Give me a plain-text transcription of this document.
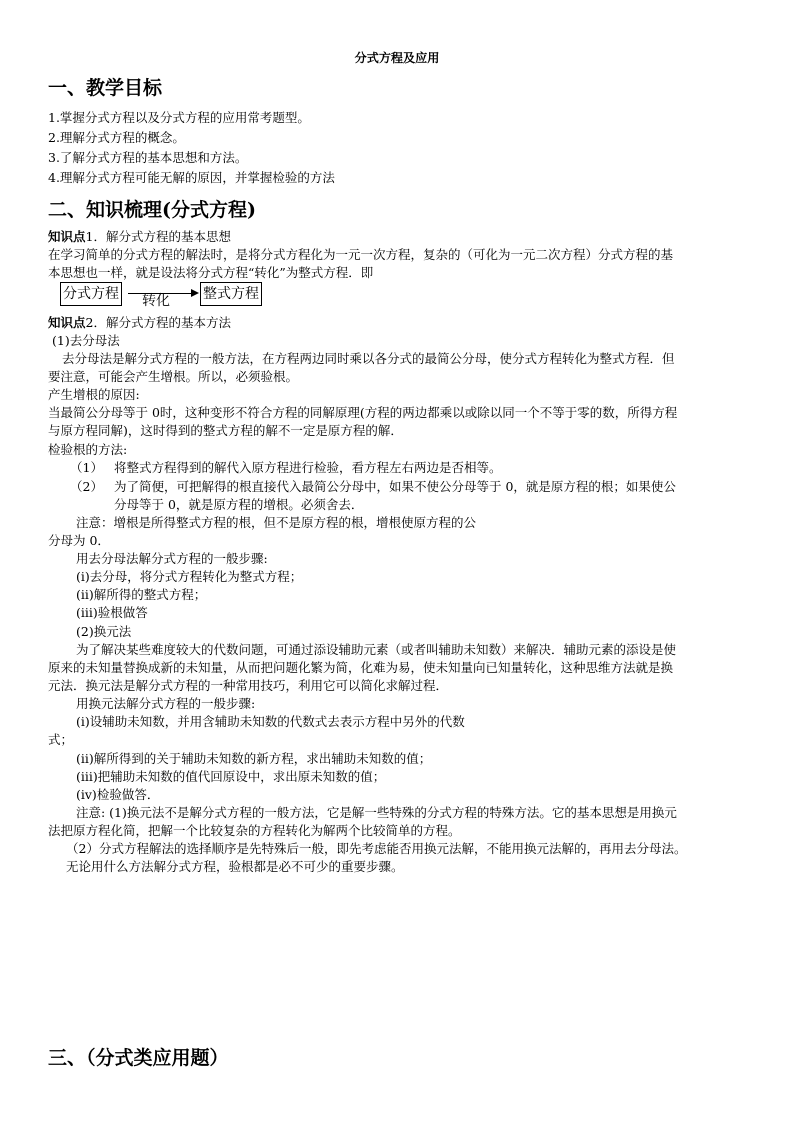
分式方程及应用
一、教学目标
1.掌握分式方程以及分式方程的应用常考题型。
2.理解分式方程的概念。
3.了解分式方程的基本思想和方法。
4.理解分式方程可能无解的原因，并掌握检验的方法
二、知识梳理(分式方程)
知识点1．解分式方程的基本思想
在学习简单的分式方程的解法时，是将分式方程化为一元一次方程，复杂的（可化为一元二次方程）分式方程的基
本思想也一样，就是设法将分式方程“转化”为整式方程．即
分式方程 转化 整式方程
知识点2．解分式方程的基本方法
(1)去分母法
去分母法是解分式方程的一般方法，在方程两边同时乘以各分式的最简公分母，使分式方程转化为整式方程．但
要注意，可能会产生增根。所以，必须验根。
产生增根的原因:
当最简公分母等于 0时，这种变形不符合方程的同解原理(方程的两边都乘以或除以同一个不等于零的数，所得方程
与原方程同解)，这时得到的整式方程的解不一定是原方程的解．
检验根的方法:
（1） 将整式方程得到的解代入原方程进行检验，看方程左右两边是否相等。
（2） 为了简便，可把解得的根直接代入最简公分母中，如果不使公分母等于 0，就是原方程的根；如果使公
分母等于 0，就是原方程的增根。必须舍去．
注意：增根是所得整式方程的根，但不是原方程的根，增根使原方程的公
分母为 0．
用去分母法解分式方程的一般步骤:
(i)去分母，将分式方程转化为整式方程；
(ii)解所得的整式方程；
(iii)验根做答
(2)换元法
为了解决某些难度较大的代数问题，可通过添设辅助元素（或者叫辅助未知数）来解决．辅助元素的添设是使
原来的未知量替换成新的未知量，从而把问题化繁为简，化难为易，使未知量向已知量转化，这种思维方法就是换
元法．换元法是解分式方程的一种常用技巧，利用它可以简化求解过程．
用换元法解分式方程的一般步骤:
(i)设辅助未知数，并用含辅助未知数的代数式去表示方程中另外的代数
式；
(ii)解所得到的关于辅助未知数的新方程，求出辅助未知数的值；
(iii)把辅助未知数的值代回原设中，求出原未知数的值；
(iv)检验做答．
注意: (1)换元法不是解分式方程的一般方法，它是解一些特殊的分式方程的特殊方法。它的基本思想是用换元
法把原方程化简，把解一个比较复杂的方程转化为解两个比较简单的方程。
（2）分式方程解法的选择顺序是先特殊后一般，即先考虑能否用换元法解，不能用换元法解的，再用去分母法。
无论用什么方法解分式方程，验根都是必不可少的重要步骤。
三、（分式类应用题）
